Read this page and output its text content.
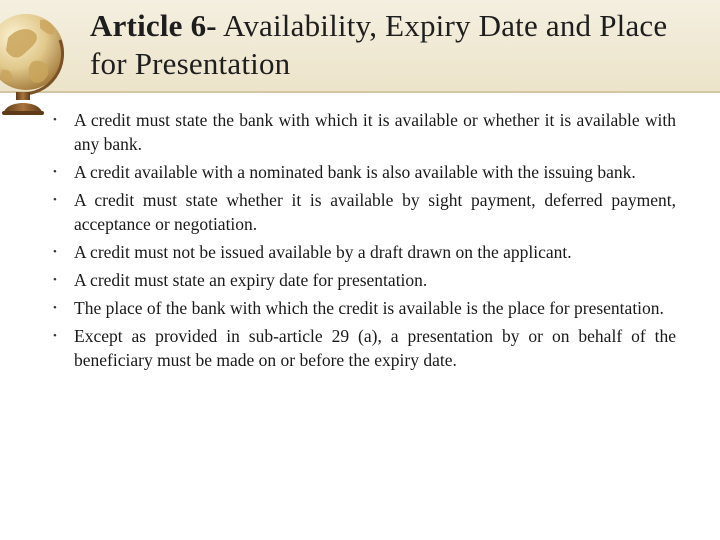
Article 6- Availability, Expiry Date and Place for Presentation
• A credit must state the bank with which it is available or whether it is available with any bank.
• A credit available with a nominated bank is also available with the issuing bank.
• A credit must state whether it is available by sight payment, deferred payment, acceptance or negotiation.
• A credit must not be issued available by a draft drawn on the applicant.
• A credit must state an expiry date for presentation.
• The place of the bank with which the credit is available is the place for presentation.
• Except as provided in sub-article 29 (a), a presentation by or on behalf of the beneficiary must be made on or before the expiry date.
